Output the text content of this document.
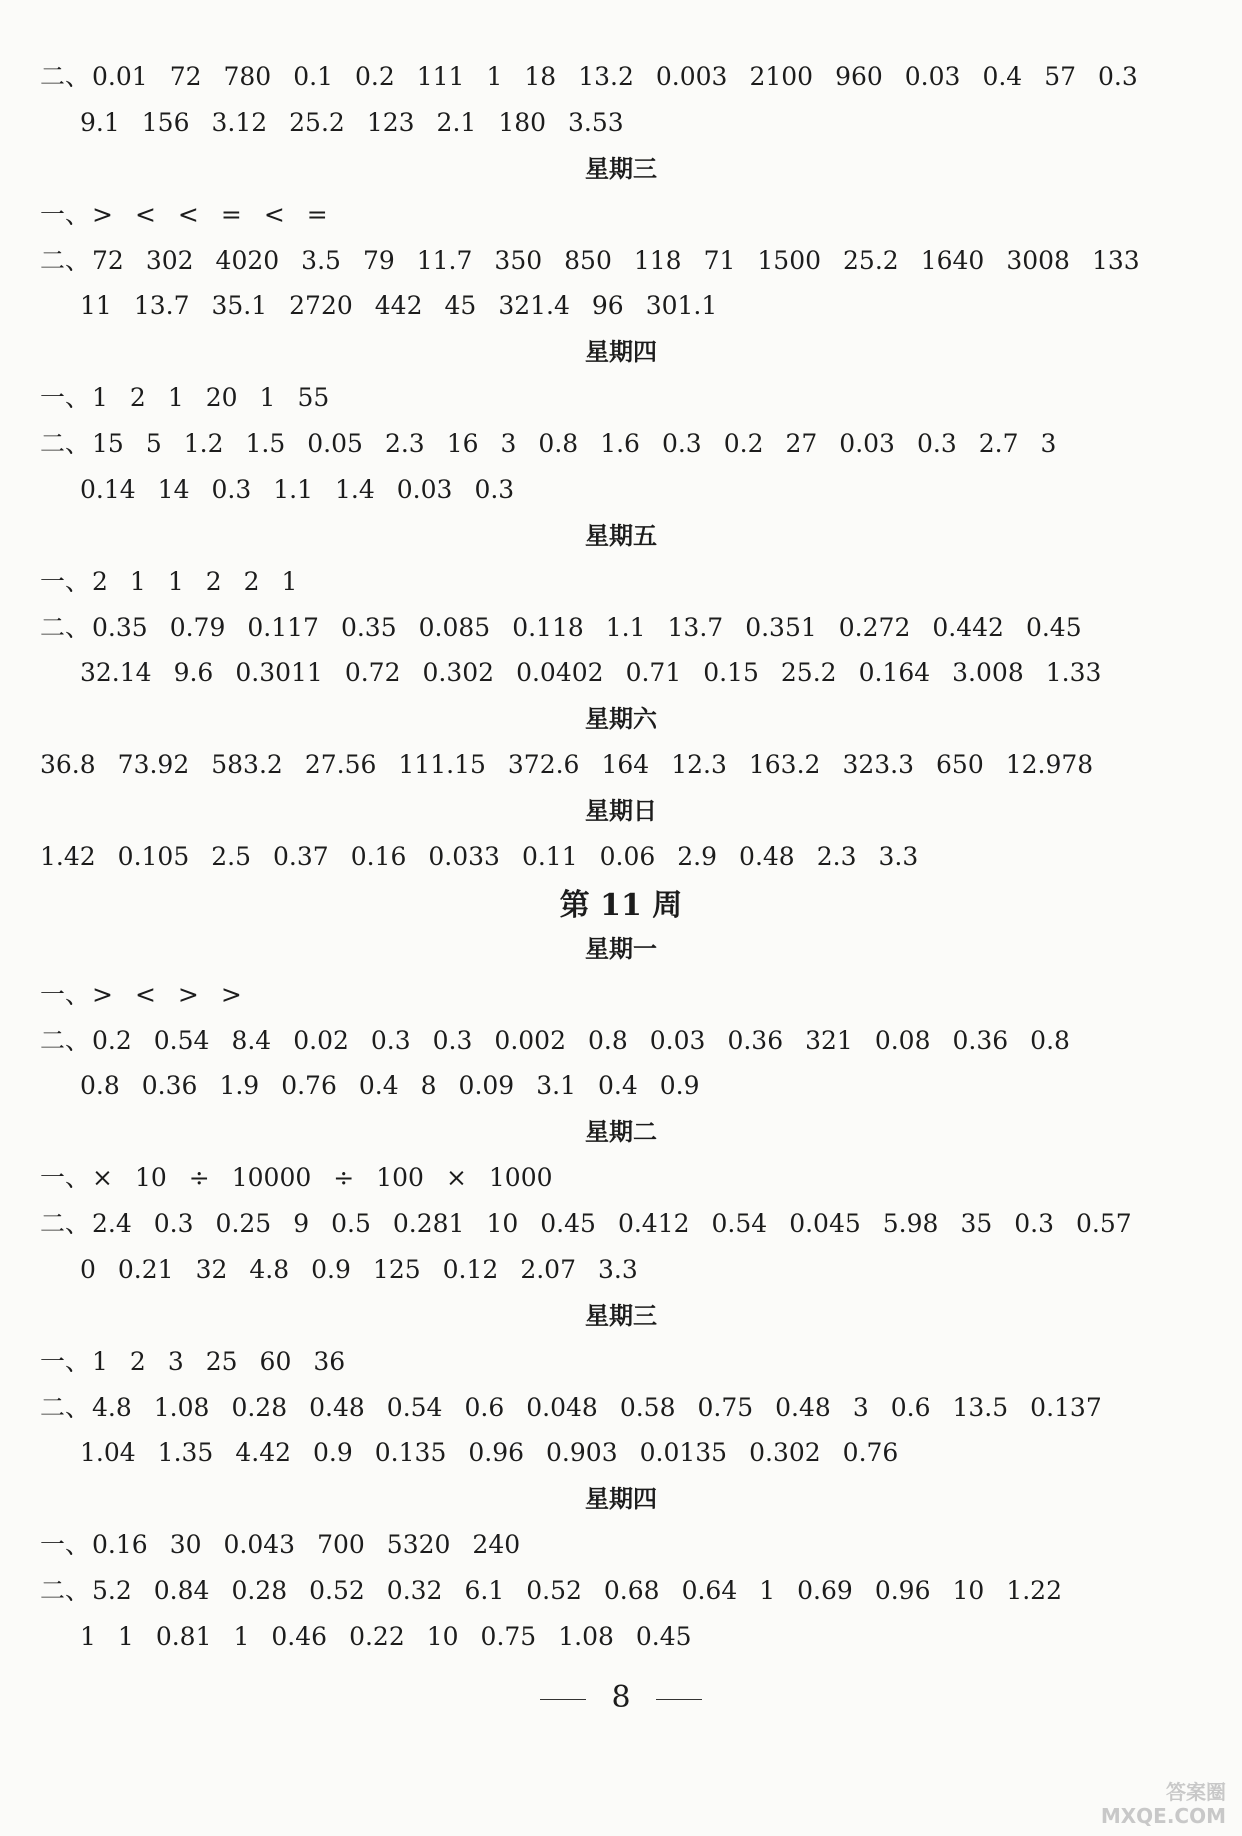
二、0.01 72 780 0.1 0.2 111 1 18 13.2 0.003 2100 960 0.03 0.4 57 0.3
9.1 156 3.12 25.2 123 2.1 180 3.53
星期三
一、> < < = < =
二、72 302 4020 3.5 79 11.7 350 850 118 71 1500 25.2 1640 3008 133
11 13.7 35.1 2720 442 45 321.4 96 301.1
星期四
一、1 2 1 20 1 55
二、15 5 1.2 1.5 0.05 2.3 16 3 0.8 1.6 0.3 0.2 27 0.03 0.3 2.7 3
0.14 14 0.3 1.1 1.4 0.03 0.3
星期五
一、2 1 1 2 2 1
二、0.35 0.79 0.117 0.35 0.085 0.118 1.1 13.7 0.351 0.272 0.442 0.45
32.14 9.6 0.3011 0.72 0.302 0.0402 0.71 0.15 25.2 0.164 3.008 1.33
星期六
36.8 73.92 583.2 27.56 111.15 372.6 164 12.3 163.2 323.3 650 12.978
星期日
1.42 0.105 2.5 0.37 0.16 0.033 0.11 0.06 2.9 0.48 2.3 3.3
第 11 周
星期一
一、> < > >
二、0.2 0.54 8.4 0.02 0.3 0.3 0.002 0.8 0.03 0.36 321 0.08 0.36 0.8
0.8 0.36 1.9 0.76 0.4 8 0.09 3.1 0.4 0.9
星期二
一、× 10 ÷ 10000 ÷ 100 × 1000
二、2.4 0.3 0.25 9 0.5 0.281 10 0.45 0.412 0.54 0.045 5.98 35 0.3 0.57
0 0.21 32 4.8 0.9 125 0.12 2.07 3.3
星期三
一、1 2 3 25 60 36
二、4.8 1.08 0.28 0.48 0.54 0.6 0.048 0.58 0.75 0.48 3 0.6 13.5 0.137
1.04 1.35 4.42 0.9 0.135 0.96 0.903 0.0135 0.302 0.76
星期四
一、0.16 30 0.043 700 5320 240
二、5.2 0.84 0.28 0.52 0.32 6.1 0.52 0.68 0.64 1 0.69 0.96 10 1.22
1 1 0.81 1 0.46 0.22 10 0.75 1.08 0.45
8
答案圈
MXQE.COM
